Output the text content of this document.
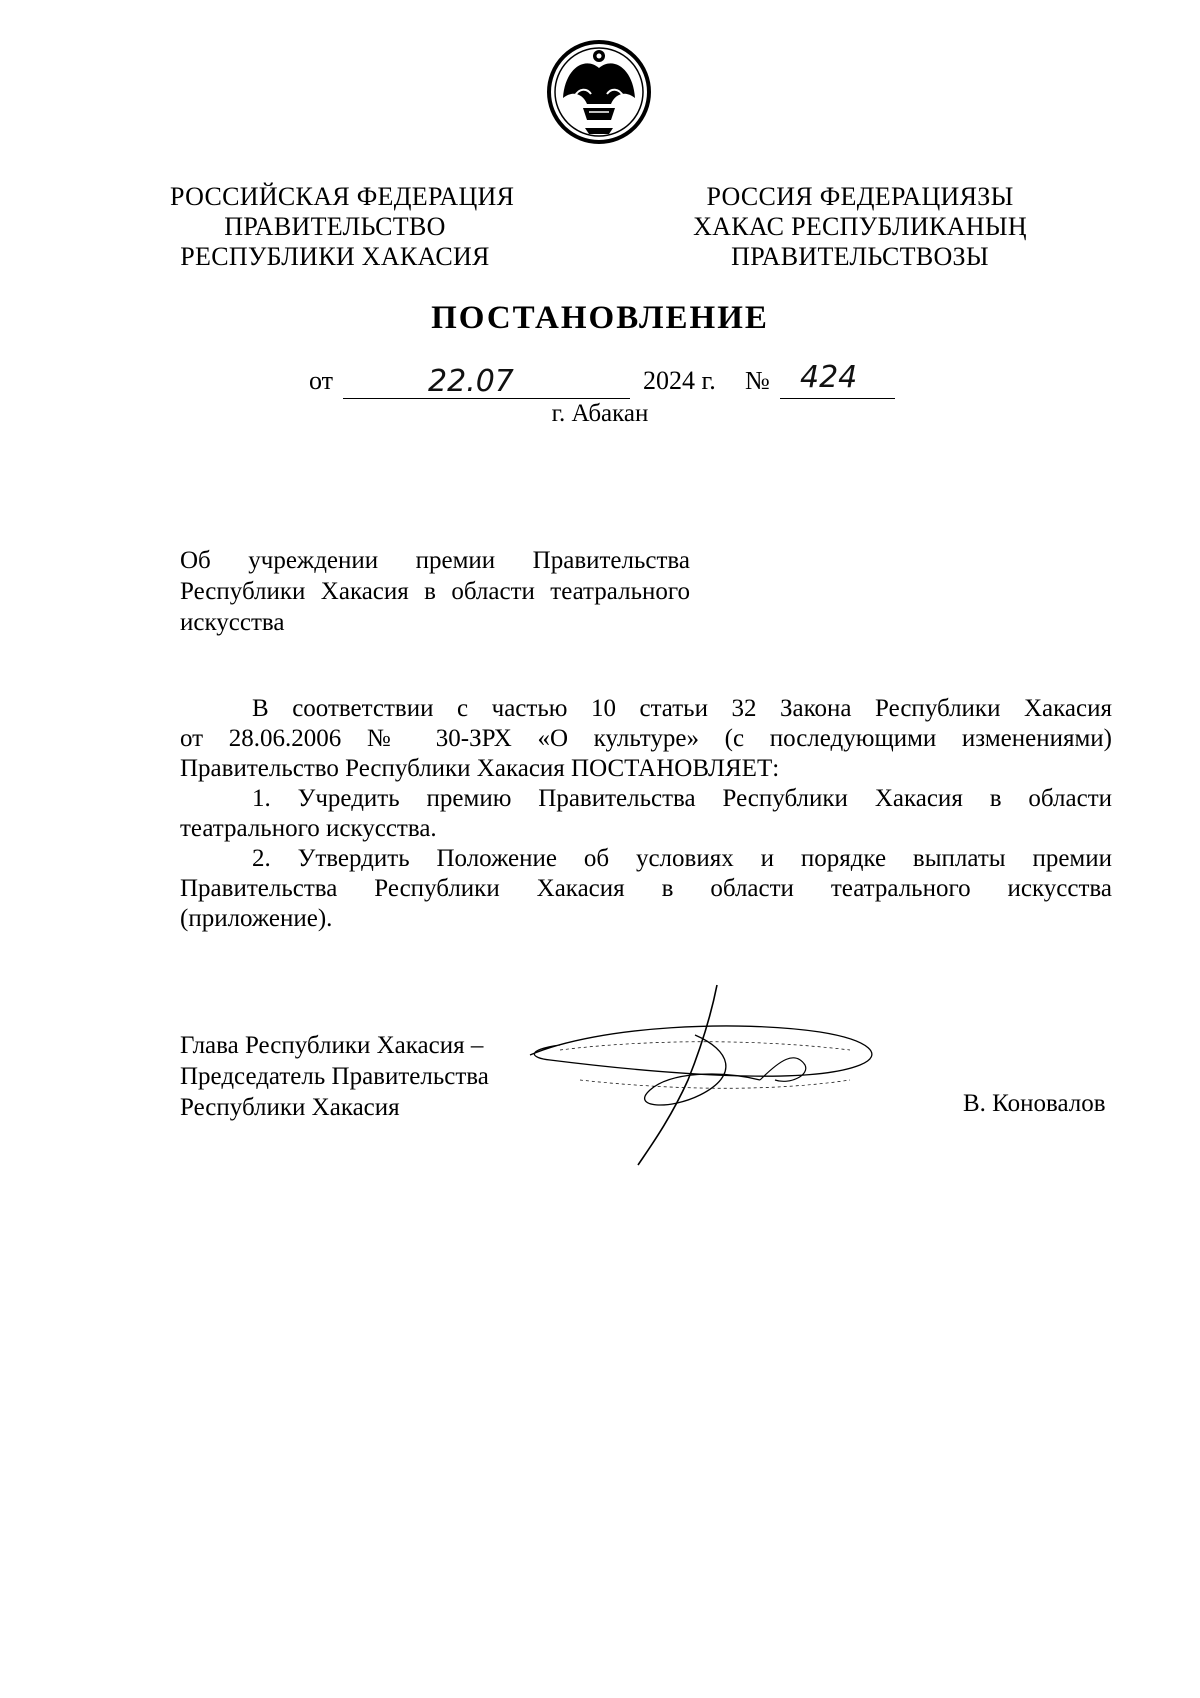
РОССИЙСКАЯ ФЕДЕРАЦИЯ
ПРАВИТЕЛЬСТВО
РЕСПУБЛИКИ ХАКАСИЯ
РОССИЯ ФЕДЕРАЦИЯЗЫ
ХАКАС РЕСПУБЛИКАНЫҢ
ПРАВИТЕЛЬСТВОЗЫ
ПОСТАНОВЛЕНИЕ
от	22.07	2024 г. № 424
г. Абакан
Об учреждении премии Правительства
Республики Хакасия в области театрального
искусства

В соответствии с частью 10 статьи 32 Закона Республики Хакасия

от 28.06.2006 № 30-ЗРХ «О культуре» (с последующими изменениями)
Правительство Республики Хакасия ПОСТАНОВЛЯЕТ:

1. Учредить премию Правительства Республики Хакасия в области

театрального искусства.

2. Утвердить Положение об условиях и порядке выплаты премии

Правительства Республики Хакасия в области театрального искусства
(приложение).

Глава Республики Хакасия –
Председатель Правительства
Республики Хакасия	В. Коновалов
